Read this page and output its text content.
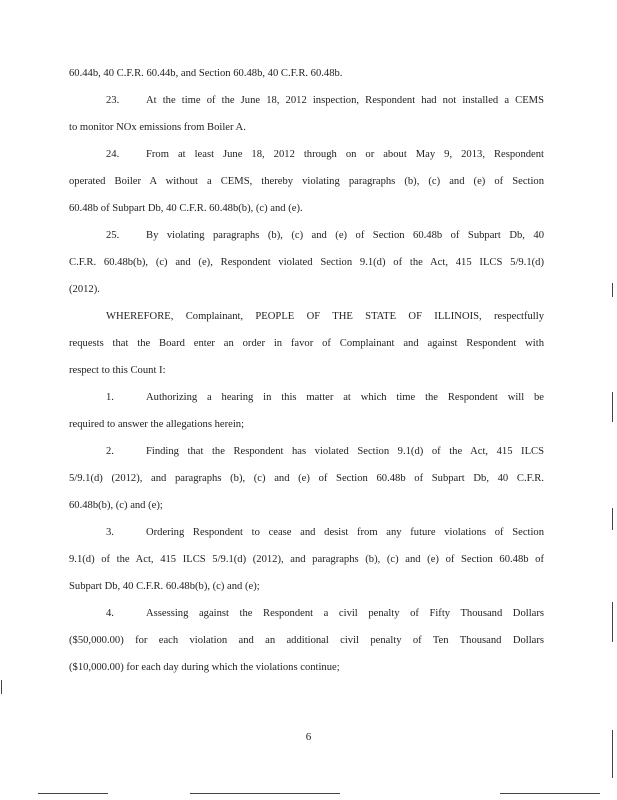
60.44b, 40 C.F.R. 60.44b, and Section 60.48b, 40 C.F.R. 60.48b.
23.	At the time of the June 18, 2012 inspection, Respondent had not installed a CEMS
to monitor NOx emissions from Boiler A.
24.	From at least June 18, 2012 through on or about May 9, 2013, Respondent
operated Boiler A without a CEMS, thereby violating paragraphs (b), (c) and (e) of Section
60.48b of Subpart Db, 40 C.F.R. 60.48b(b), (c) and (e).
25.	By violating paragraphs (b), (c) and (e) of Section 60.48b of Subpart Db, 40
C.F.R. 60.48b(b), (c) and (e), Respondent violated Section 9.1(d) of the Act, 415 ILCS 5/9.1(d)
(2012).
WHEREFORE, Complainant, PEOPLE OF THE STATE OF ILLINOIS, respectfully
requests that the Board enter an order in favor of Complainant and against Respondent with
respect to this Count I:
1.	Authorizing a hearing in this matter at which time the Respondent will be
required to answer the allegations herein;
2.	Finding that the Respondent has violated Section 9.1(d) of the Act, 415 ILCS
5/9.1(d) (2012), and paragraphs (b), (c) and (e) of Section 60.48b of Subpart Db, 40 C.F.R.
60.48b(b), (c) and (e);
3.	Ordering Respondent to cease and desist from any future violations of Section
9.1(d) of the Act, 415 ILCS 5/9.1(d) (2012), and paragraphs (b), (c) and (e) of Section 60.48b of
Subpart Db, 40 C.F.R. 60.48b(b), (c) and (e);
4.	Assessing against the Respondent a civil penalty of Fifty Thousand Dollars
($50,000.00) for each violation and an additional civil penalty of Ten Thousand Dollars
($10,000.00) for each day during which the violations continue;
6
